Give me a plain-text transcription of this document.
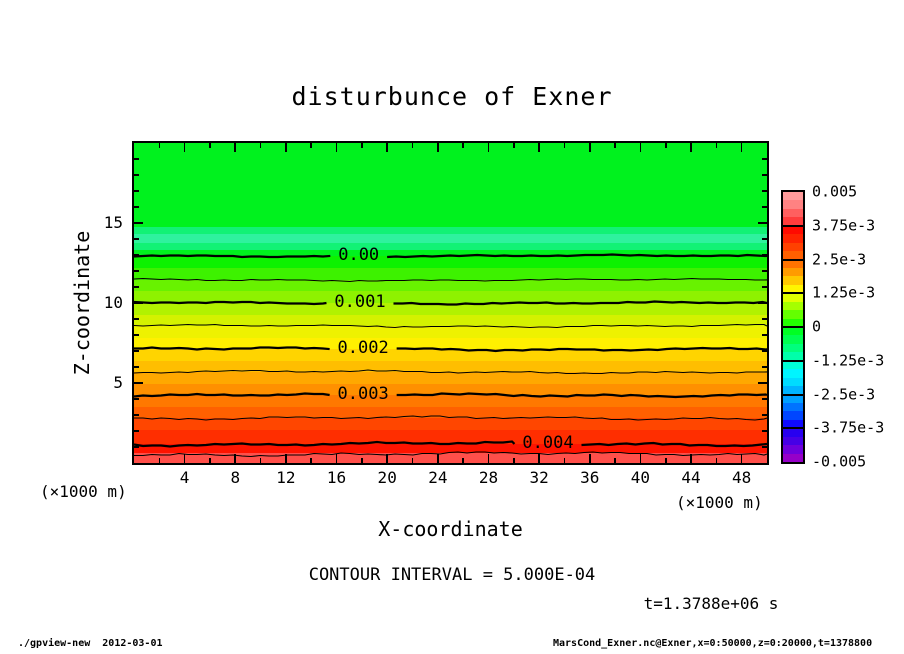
disturbunce of Exner
Z-coordinate	0.00
0.001
0.002
0.003
0.004
5
10
15
4	8 12 16 20 24 28 32 36 40 44 48
(×1000 m)
(×1000 m)
X-coordinate
CONTOUR INTERVAL = 5.000E-04
t=1.3788e+06 s
0.005
3.75e-3
2.5e-3
1.25e-3
0
-1.25e-3
-2.5e-3
-3.75e-3
-0.005
./gpview-new  2012-03-01	MarsCond_Exner.nc@Exner,x=0:50000,z=0:20000,t=1378800
